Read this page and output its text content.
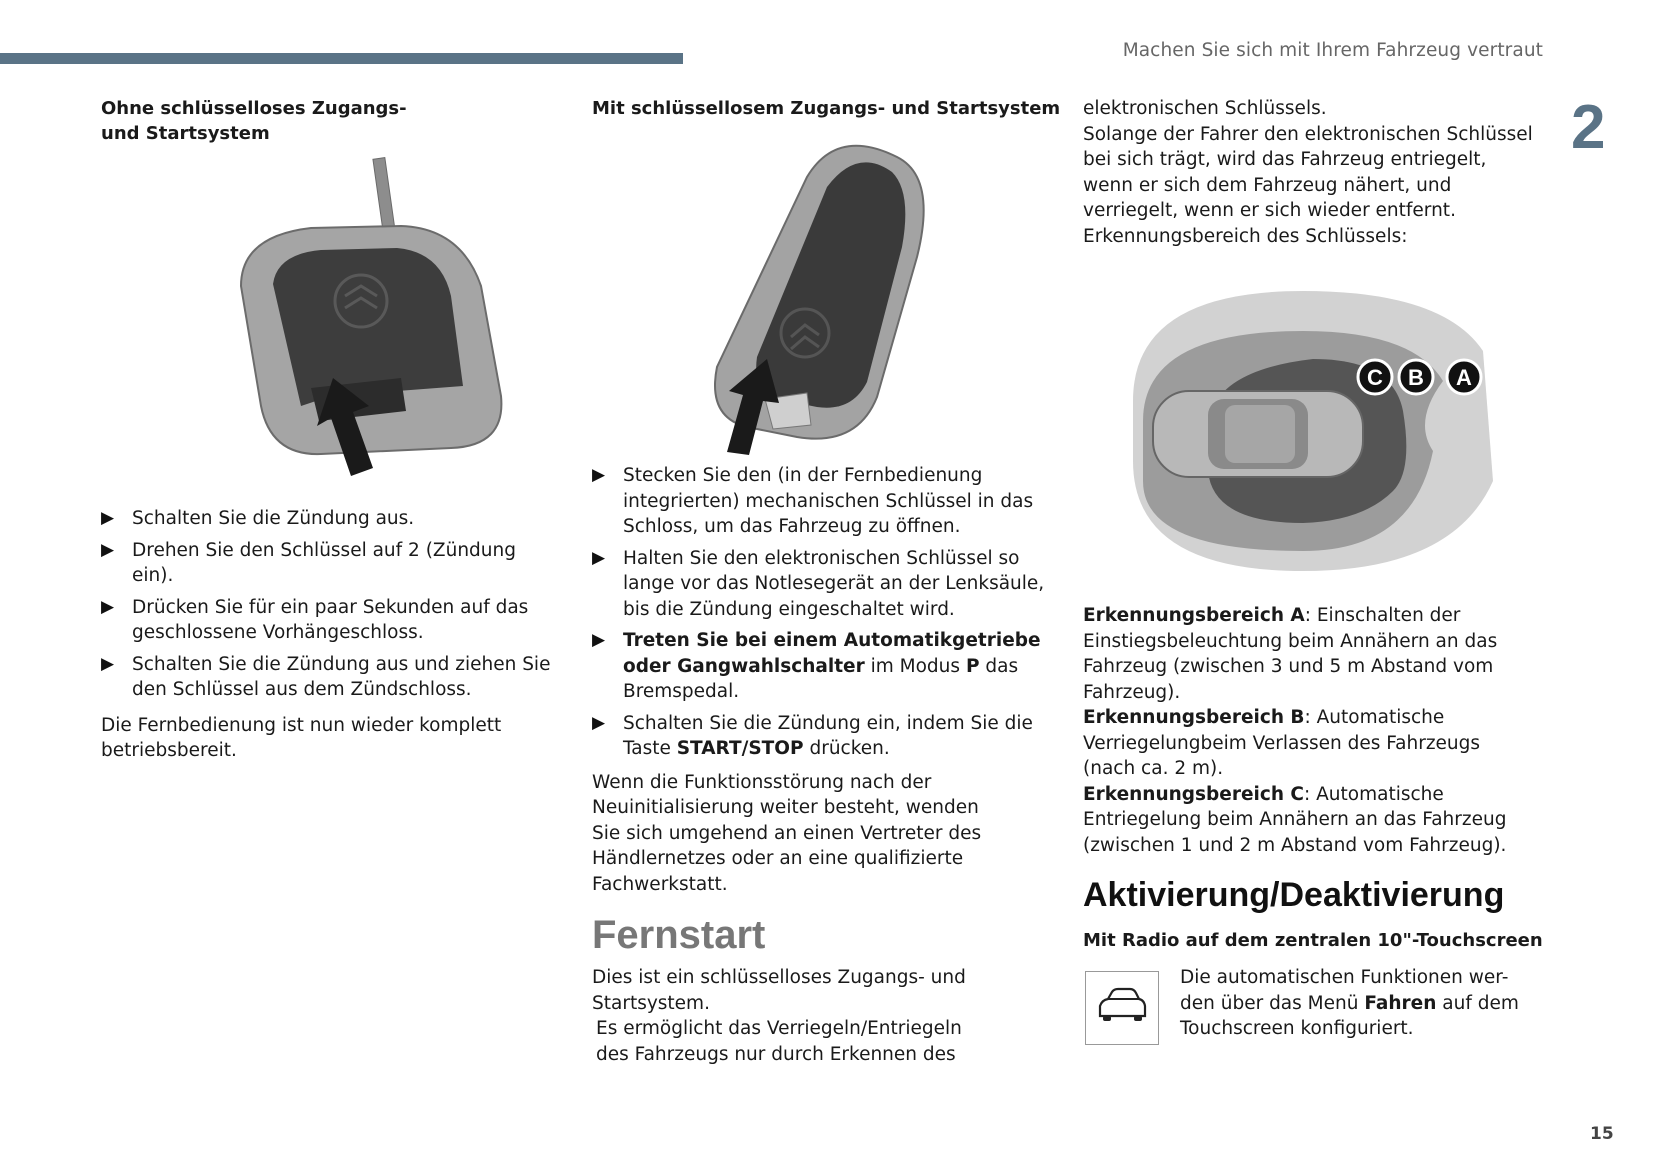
Machen Sie sich mit Ihrem Fahrzeug vertraut
2

Ohne schlüsselloses Zugangs- und Startsystem

▶ Schalten Sie die Zündung aus.
▶ Drehen Sie den Schlüssel auf 2 (Zündung ein).
▶ Drücken Sie für ein paar Sekunden auf das geschlossene Vorhängeschloss.
▶ Schalten Sie die Zündung aus und ziehen Sie den Schlüssel aus dem Zündschloss.

Die Fernbedienung ist nun wieder komplett betriebsbereit.

Mit schlüssellosem Zugangs- und Startsystem

▶ Stecken Sie den (in der Fernbedienung integrierten) mechanischen Schlüssel in das Schloss, um das Fahrzeug zu öffnen.
▶ Halten Sie den elektronischen Schlüssel so lange vor das Notlesegerät an der Lenksäule, bis die Zündung eingeschaltet wird.
▶ Treten Sie bei einem Automatikgetriebe oder Gangwahlschalter im Modus P das Bremspedal.
▶ Schalten Sie die Zündung ein, indem Sie die Taste START/STOP drücken.

Wenn die Funktionsstörung nach der Neuinitialisierung weiter besteht, wenden Sie sich umgehend an einen Vertreter des Händlernetzes oder an eine qualifizierte Fachwerkstatt.

Fernstart

Dies ist ein schlüsselloses Zugangs- und Startsystem.

Es ermöglicht das Verriegeln/Entriegeln des Fahrzeugs nur durch Erkennen des

elektronischen Schlüssels.
Solange der Fahrer den elektronischen Schlüssel bei sich trägt, wird das Fahrzeug entriegelt, wenn er sich dem Fahrzeug nähert, und verriegelt, wenn er sich wieder entfernt.
Erkennungsbereich des Schlüssels:

C B A

Erkennungsbereich A: Einschalten der Einstiegsbeleuchtung beim Annähern an das Fahrzeug (zwischen 3 und 5 m Abstand vom Fahrzeug).

Erkennungsbereich B: Automatische Verriegelungbeim Verlassen des Fahrzeugs (nach ca. 2 m).

Erkennungsbereich C: Automatische Entriegelung beim Annähern an das Fahrzeug (zwischen 1 und 2 m Abstand vom Fahrzeug).

Aktivierung/Deaktivierung

Mit Radio auf dem zentralen 10"-Touchscreen

Die automatischen Funktionen wer-den über das Menü Fahren auf dem Touchscreen konfiguriert.

15
